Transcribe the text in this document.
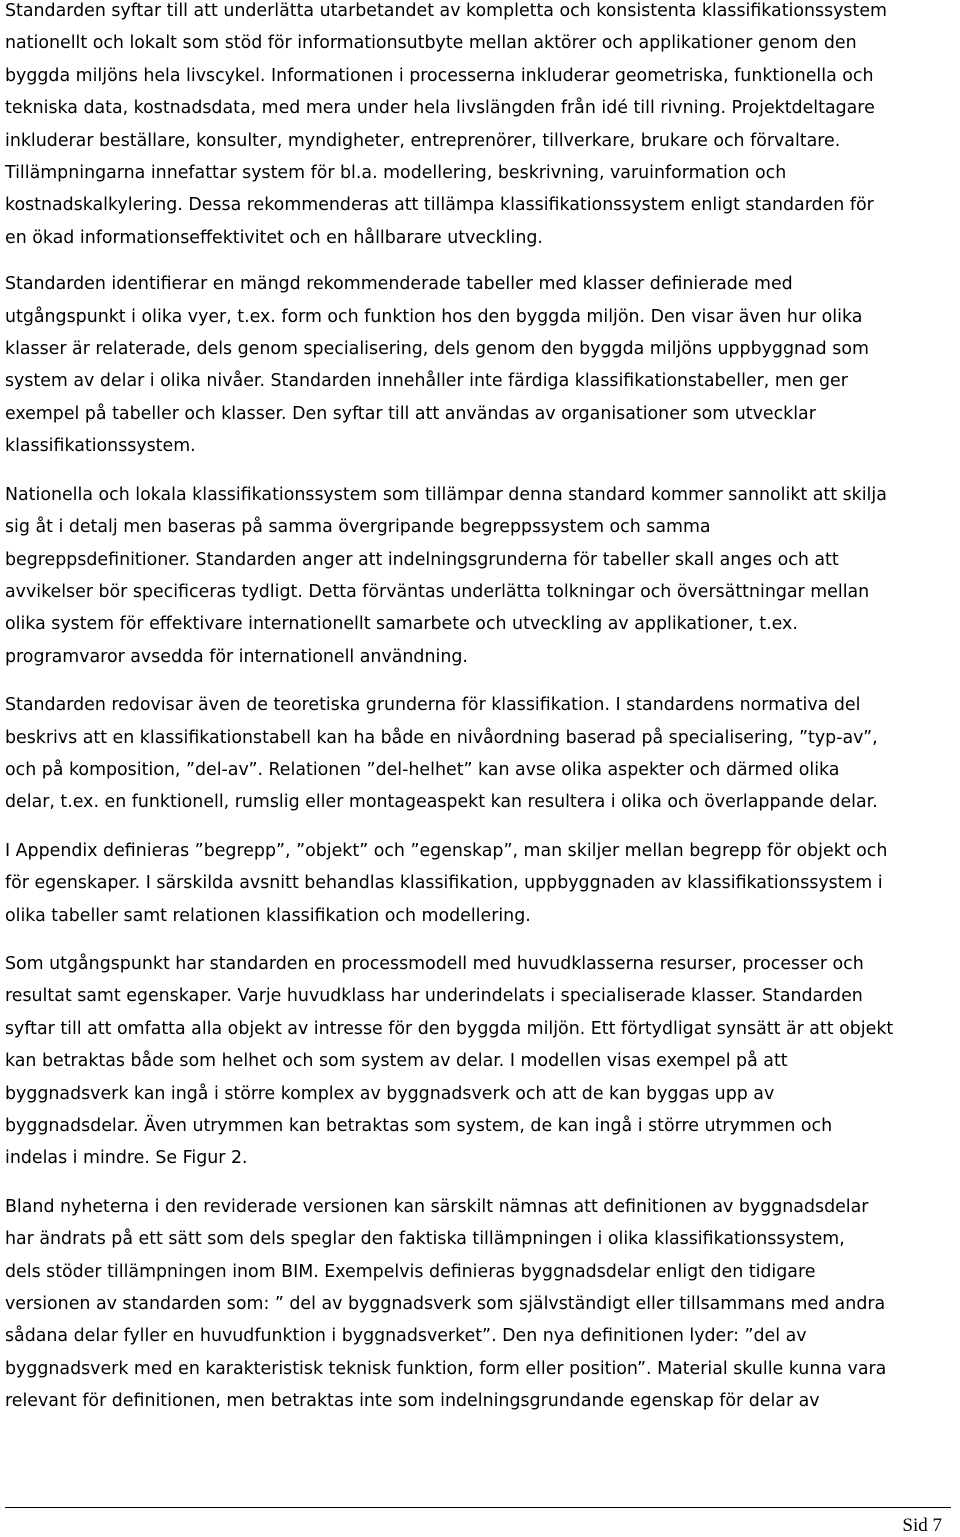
Standarden syftar till att underlätta utarbetandet av kompletta och konsistenta klassifikationssystem
nationellt och lokalt som stöd för informationsutbyte mellan aktörer och applikationer genom den
byggda miljöns hela livscykel. Informationen i processerna inkluderar geometriska, funktionella och
tekniska data, kostnadsdata, med mera under hela livslängden från idé till rivning. Projektdeltagare
inkluderar beställare, konsulter, myndigheter, entreprenörer, tillverkare, brukare och förvaltare.
Tillämpningarna innefattar system för bl.a. modellering, beskrivning, varuinformation och
kostnadskalkylering. Dessa rekommenderas att tillämpa klassifikationssystem enligt standarden för
en ökad informationseffektivitet och en hållbarare utveckling.

Standarden identifierar en mängd rekommenderade tabeller med klasser definierade med
utgångspunkt i olika vyer, t.ex. form och funktion hos den byggda miljön. Den visar även hur olika
klasser är relaterade, dels genom specialisering, dels genom den byggda miljöns uppbyggnad som
system av delar i olika nivåer. Standarden innehåller inte färdiga klassifikationstabeller, men ger
exempel på tabeller och klasser. Den syftar till att användas av organisationer som utvecklar
klassifikationssystem.

Nationella och lokala klassifikationssystem som tillämpar denna standard kommer sannolikt att skilja
sig åt i detalj men baseras på samma övergripande begreppssystem och samma
begreppsdefinitioner. Standarden anger att indelningsgrunderna för tabeller skall anges och att
avvikelser bör specificeras tydligt. Detta förväntas underlätta tolkningar och översättningar mellan
olika system för effektivare internationellt samarbete och utveckling av applikationer, t.ex.
programvaror avsedda för internationell användning.

Standarden redovisar även de teoretiska grunderna för klassifikation. I standardens normativa del
beskrivs att en klassifikationstabell kan ha både en nivåordning baserad på specialisering, ”typ-av”,
och på komposition, ”del-av”. Relationen ”del-helhet” kan avse olika aspekter och därmed olika
delar, t.ex. en funktionell, rumslig eller montageaspekt kan resultera i olika och överlappande delar.

I Appendix definieras ”begrepp”, ”objekt” och ”egenskap”, man skiljer mellan begrepp för objekt och
för egenskaper. I särskilda avsnitt behandlas klassifikation, uppbyggnaden av klassifikationssystem i
olika tabeller samt relationen klassifikation och modellering.

Som utgångspunkt har standarden en processmodell med huvudklasserna resurser, processer och
resultat samt egenskaper. Varje huvudklass har underindelats i specialiserade klasser. Standarden
syftar till att omfatta alla objekt av intresse för den byggda miljön. Ett förtydligat synsätt är att objekt
kan betraktas både som helhet och som system av delar. I modellen visas exempel på att
byggnadsverk kan ingå i större komplex av byggnadsverk och att de kan byggas upp av
byggnadsdelar. Även utrymmen kan betraktas som system, de kan ingå i större utrymmen och
indelas i mindre. Se Figur 2.

Bland nyheterna i den reviderade versionen kan särskilt nämnas att definitionen av byggnadsdelar
har ändrats på ett sätt som dels speglar den faktiska tillämpningen i olika klassifikationssystem,
dels stöder tillämpningen inom BIM. Exempelvis definieras byggnadsdelar enligt den tidigare
versionen av standarden som: ” del av byggnadsverk som självständigt eller tillsammans med andra
sådana delar fyller en huvudfunktion i byggnadsverket”. Den nya definitionen lyder: ”del av
byggnadsverk med en karakteristisk teknisk funktion, form eller position”. Material skulle kunna vara
relevant för definitionen, men betraktas inte som indelningsgrundande egenskap för delar av

Sid 7
